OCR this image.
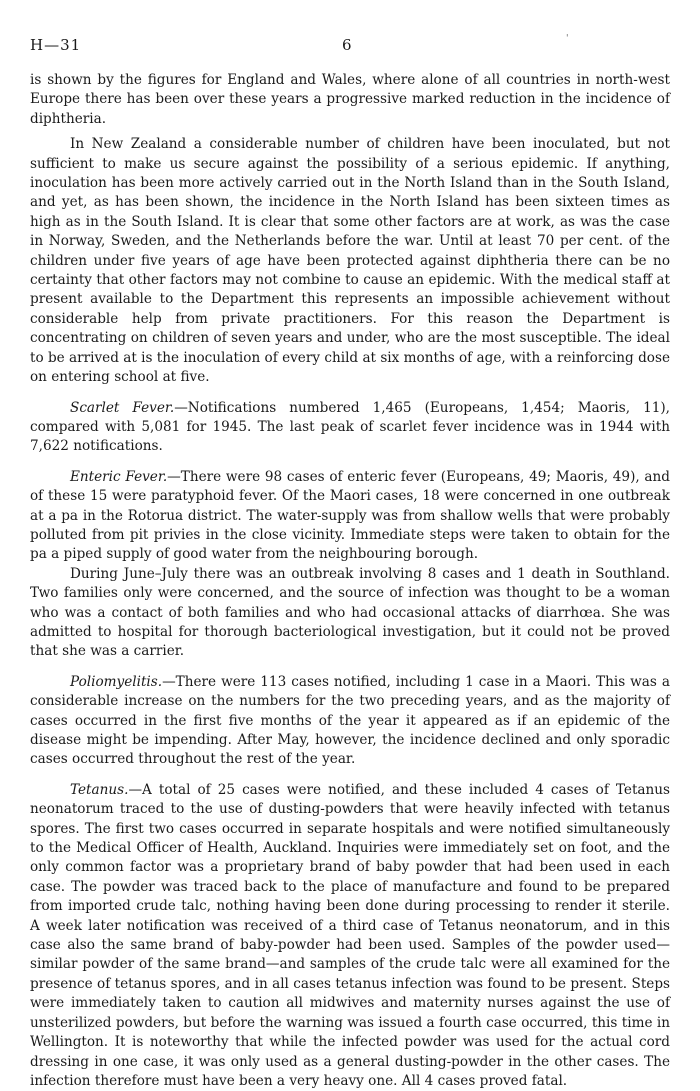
H—31	6	'

is shown by the figures for England and Wales, where alone of all countries in north-west Europe there has been over these years a progressive marked reduction in the incidence of diphtheria.

In New Zealand a considerable number of children have been inoculated, but not sufficient to make us secure against the possibility of a serious epidemic. If anything, inoculation has been more actively carried out in the North Island than in the South Island, and yet, as has been shown, the incidence in the North Island has been sixteen times as high as in the South Island. It is clear that some other factors are at work, as was the case in Norway, Sweden, and the Netherlands before the war. Until at least 70 per cent. of the children under five years of age have been protected against diphtheria there can be no certainty that other factors may not combine to cause an epidemic. With the medical staff at present available to the Department this represents an impossible achievement without considerable help from private practitioners. For this reason the Department is concentrating on children of seven years and under, who are the most susceptible. The ideal to be arrived at is the inoculation of every child at six months of age, with a reinforcing dose on entering school at five.

Scarlet Fever.—Notifications numbered 1,465 (Europeans, 1,454; Maoris, 11), compared with 5,081 for 1945. The last peak of scarlet fever incidence was in 1944 with 7,622 notifications.

Enteric Fever.—There were 98 cases of enteric fever (Europeans, 49; Maoris, 49), and of these 15 were paratyphoid fever. Of the Maori cases, 18 were concerned in one outbreak at a pa in the Rotorua district. The water-supply was from shallow wells that were probably polluted from pit privies in the close vicinity. Immediate steps were taken to obtain for the pa a piped supply of good water from the neighbouring borough.

During June–July there was an outbreak involving 8 cases and 1 death in Southland. Two families only were concerned, and the source of infection was thought to be a woman who was a contact of both families and who had occasional attacks of diarrhœa. She was admitted to hospital for thorough bacteriological investigation, but it could not be proved that she was a carrier.

Poliomyelitis.—There were 113 cases notified, including 1 case in a Maori. This was a considerable increase on the numbers for the two preceding years, and as the majority of cases occurred in the first five months of the year it appeared as if an epidemic of the disease might be impending. After May, however, the incidence declined and only sporadic cases occurred throughout the rest of the year.

Tetanus.—A total of 25 cases were notified, and these included 4 cases of Tetanus neonatorum traced to the use of dusting-powders that were heavily infected with tetanus spores. The first two cases occurred in separate hospitals and were notified simultaneously to the Medical Officer of Health, Auckland. Inquiries were immediately set on foot, and the only common factor was a proprietary brand of baby powder that had been used in each case. The powder was traced back to the place of manufacture and found to be prepared from imported crude talc, nothing having been done during processing to render it sterile. A week later notification was received of a third case of Tetanus neonatorum, and in this case also the same brand of baby-powder had been used. Samples of the powder used—similar powder of the same brand—and samples of the crude talc were all examined for the presence of tetanus spores, and in all cases tetanus infection was found to be present. Steps were immediately taken to caution all midwives and maternity nurses against the use of unsterilized powders, but before the warning was issued a fourth case occurred, this time in Wellington. It is noteworthy that while the infected powder was used for the actual cord dressing in one case, it was only used as a general dusting-powder in the other cases. The infection therefore must have been a very heavy one. All 4 cases proved fatal.
